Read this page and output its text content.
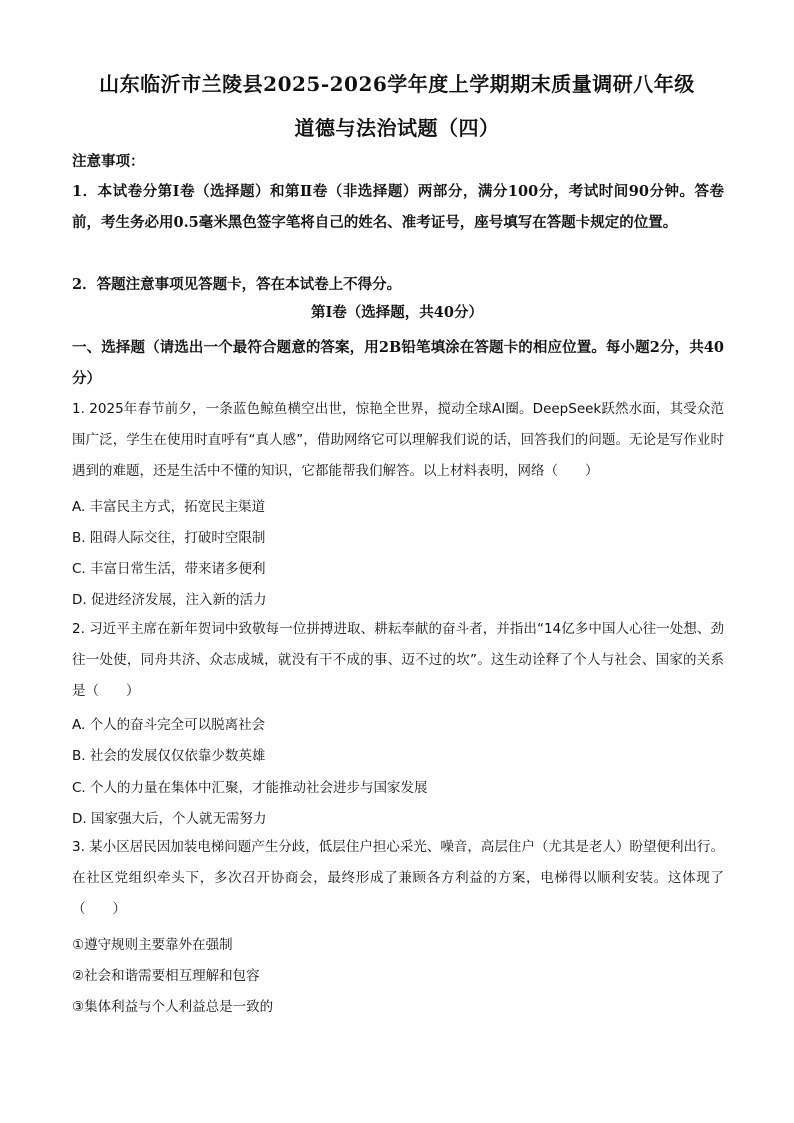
山东临沂市兰陵县2025-2026学年度上学期期末质量调研八年级
道德与法治试题（四）
注意事项：
1．本试卷分第Ⅰ卷（选择题）和第Ⅱ卷（非选择题）两部分，满分100分，考试时间90分钟。答卷前，考生务必用0.5毫米黑色签字笔将自己的姓名、准考证号，座号填写在答题卡规定的位置。
2．答题注意事项见答题卡，答在本试卷上不得分。
第Ⅰ卷（选择题，共40分）
一、选择题（请选出一个最符合题意的答案，用2B铅笔填涂在答题卡的相应位置。每小题2分，共40分）
1. 2025年春节前夕，一条蓝色鲸鱼横空出世，惊艳全世界，搅动全球AI圈。DeepSeek跃然水面，其受众范围广泛，学生在使用时直呼有“真人感”，借助网络它可以理解我们说的话，回答我们的问题。无论是写作业时遇到的难题，还是生活中不懂的知识，它都能帮我们解答。以上材料表明，网络（　　）
A. 丰富民主方式，拓宽民主渠道
B. 阻碍人际交往，打破时空限制
C. 丰富日常生活，带来诸多便利
D. 促进经济发展，注入新的活力
2. 习近平主席在新年贺词中致敬每一位拼搏进取、耕耘奉献的奋斗者，并指出“14亿多中国人心往一处想、劲往一处使，同舟共济、众志成城，就没有干不成的事、迈不过的坎”。这生动诠释了个人与社会、国家的关系是（　　）
A. 个人的奋斗完全可以脱离社会
B. 社会的发展仅仅依靠少数英雄
C. 个人的力量在集体中汇聚，才能推动社会进步与国家发展
D. 国家强大后，个人就无需努力
3. 某小区居民因加装电梯问题产生分歧，低层住户担心采光、噪音，高层住户（尤其是老人）盼望便利出行。在社区党组织牵头下，多次召开协商会，最终形成了兼顾各方利益的方案，电梯得以顺利安装。这体现了（　　）
①遵守规则主要靠外在强制
②社会和谐需要相互理解和包容
③集体利益与个人利益总是一致的
